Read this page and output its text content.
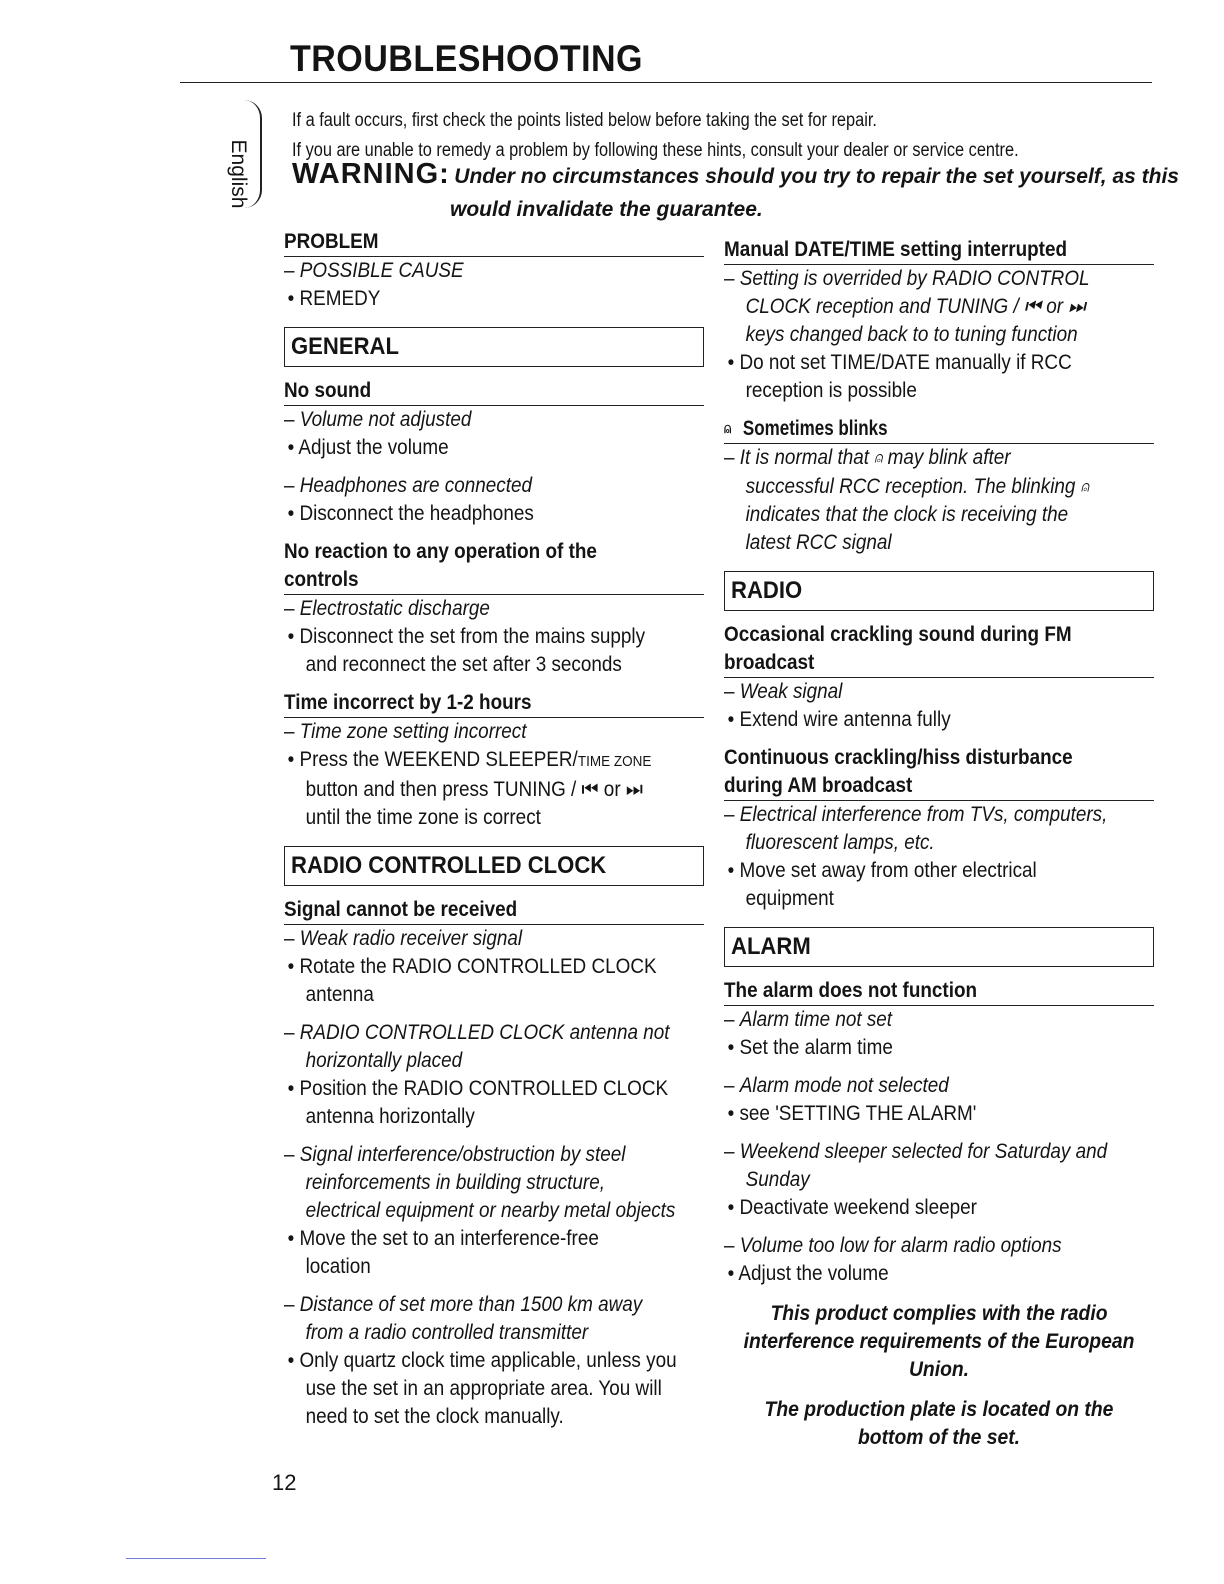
TROUBLESHOOTING
English
If a fault occurs, first check the points listed below before taking the set for repair.
If you are unable to remedy a problem by following these hints, consult your dealer or service centre.
WARNING: Under no circumstances should you try to repair the set yourself, as this
would invalidate the guarantee.
PROBLEM
– POSSIBLE CAUSE
• REMEDY
GENERAL
No sound
– Volume not adjusted
• Adjust the volume
– Headphones are connected
• Disconnect the headphones
No reaction to any operation of the
controls
– Electrostatic discharge
• Disconnect the set from the mains supply
and reconnect the set after 3 seconds
Time incorrect by 1-2 hours
– Time zone setting incorrect
• Press the WEEKEND SLEEPER/TIME ZONE
button and then press TUNING / ⏮ or ⏭
until the time zone is correct
RADIO CONTROLLED CLOCK
Signal cannot be received
– Weak radio receiver signal
• Rotate the RADIO CONTROLLED CLOCK
antenna
– RADIO CONTROLLED CLOCK antenna not
horizontally placed
• Position the RADIO CONTROLLED CLOCK
antenna horizontally
– Signal interference/obstruction by steel
reinforcements in building structure,
electrical equipment or nearby metal objects
• Move the set to an interference-free
location
– Distance of set more than 1500 km away
from a radio controlled transmitter
• Only quartz clock time applicable, unless you
use the set in an appropriate area. You will
need to set the clock manually.
Manual DATE/TIME setting interrupted
– Setting is overrided by RADIO CONTROL
CLOCK reception and TUNING / ⏮ or ⏭
keys changed back to to tuning function
• Do not set TIME/DATE manually if RCC
reception is possible
⍝ Sometimes blinks
– It is normal that ⍝ may blink after
successful RCC reception. The blinking ⍝
indicates that the clock is receiving the
latest RCC signal
RADIO
Occasional crackling sound during FM
broadcast
– Weak signal
• Extend wire antenna fully
Continuous crackling/hiss disturbance
during AM broadcast
– Electrical interference from TVs, computers,
fluorescent lamps, etc.
• Move set away from other electrical
equipment
ALARM
The alarm does not function
– Alarm time not set
• Set the alarm time
– Alarm mode not selected
• see 'SETTING THE ALARM'
– Weekend sleeper selected for Saturday and
Sunday
• Deactivate weekend sleeper
– Volume too low for alarm radio options
• Adjust the volume
This product complies with the radio
interference requirements of the European
Union.
The production plate is located on the
bottom of the set.
12
